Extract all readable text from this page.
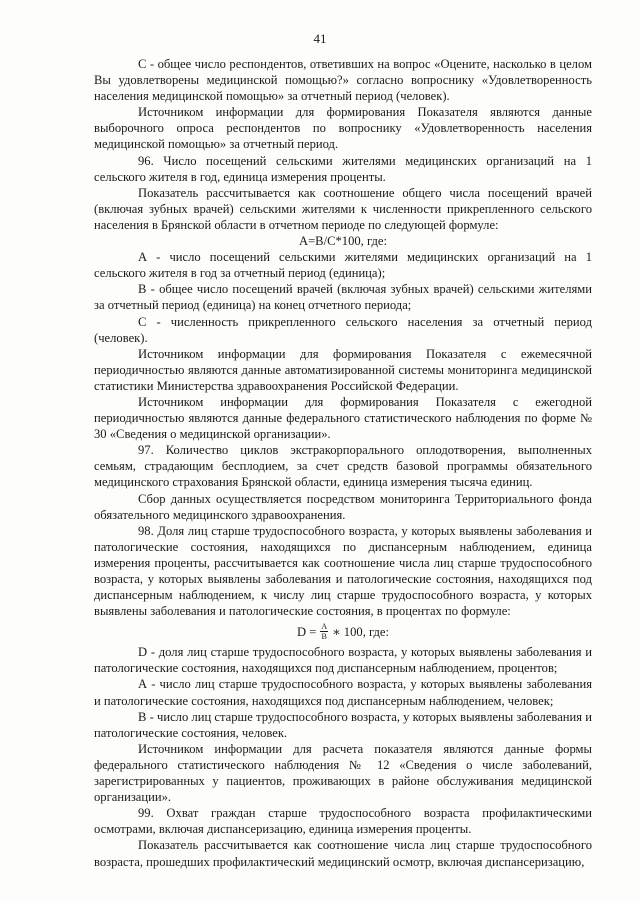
41

С - общее число респондентов, ответивших на вопрос «Оцените, насколько в целом Вы удовлетворены медицинской помощью?» согласно вопроснику «Удовлетворенность населения медицинской помощью» за отчетный период (человек).

Источником информации для формирования Показателя являются данные выборочного опроса респондентов по вопроснику «Удовлетворенность населения медицинской помощью» за отчетный период.

96. Число посещений сельскими жителями медицинских организаций на 1 сельского жителя в год, единица измерения проценты.

Показатель рассчитывается как соотношение общего числа посещений врачей (включая зубных врачей) сельскими жителями к численности прикрепленного сельского населения в Брянской области в отчетном периоде по следующей формуле:

А=В/С*100, где:

А - число посещений сельскими жителями медицинских организаций на 1 сельского жителя в год за отчетный период (единица);

В - общее число посещений врачей (включая зубных врачей) сельскими жителями за отчетный период (единица) на конец отчетного периода;

С - численность прикрепленного сельского населения за отчетный период (человек).

Источником информации для формирования Показателя с ежемесячной периодичностью являются данные автоматизированной системы мониторинга медицинской статистики Министерства здравоохранения Российской Федерации.

Источником информации для формирования Показателя с ежегодной периодичностью являются данные федерального статистического наблюдения по форме № 30 «Сведения о медицинской организации».

97. Количество циклов экстракорпорального оплодотворения, выполненных семьям, страдающим бесплодием, за счет средств базовой программы обязательного медицинского страхования Брянской области, единица измерения тысяча единиц.

Сбор данных осуществляется посредством мониторинга Территориального фонда обязательного медицинского здравоохранения.

98. Доля лиц старше трудоспособного возраста, у которых выявлены заболевания и патологические состояния, находящихся по диспансерным наблюдением, единица измерения проценты, рассчитывается как соотношение числа лиц старше трудоспособного возраста, у которых выявлены заболевания и патологические состояния, находящихся под диспансерным наблюдением, к числу лиц старше трудоспособного возраста, у которых выявлены заболевания и патологические состояния, в процентах по формуле:

$D = \frac{A}{B}$ ∗ 100, где:

D - доля лиц старше трудоспособного возраста, у которых выявлены заболевания и патологические состояния, находящихся под диспансерным наблюдением, процентов;

А - число лиц старше трудоспособного возраста, у которых выявлены заболевания и патологические состояния, находящихся под диспансерным наблюдением, человек;

В - число лиц старше трудоспособного возраста, у которых выявлены заболевания и патологические состояния, человек.

Источником информации для расчета показателя являются данные формы федерального статистического наблюдения № 12 «Сведения о числе заболеваний, зарегистрированных у пациентов, проживающих в районе обслуживания медицинской организации».

99. Охват граждан старше трудоспособного возраста профилактическими осмотрами, включая диспансеризацию, единица измерения проценты.

Показатель рассчитывается как соотношение числа лиц старше трудоспособного возраста, прошедших профилактический медицинский осмотр, включая диспансеризацию,
